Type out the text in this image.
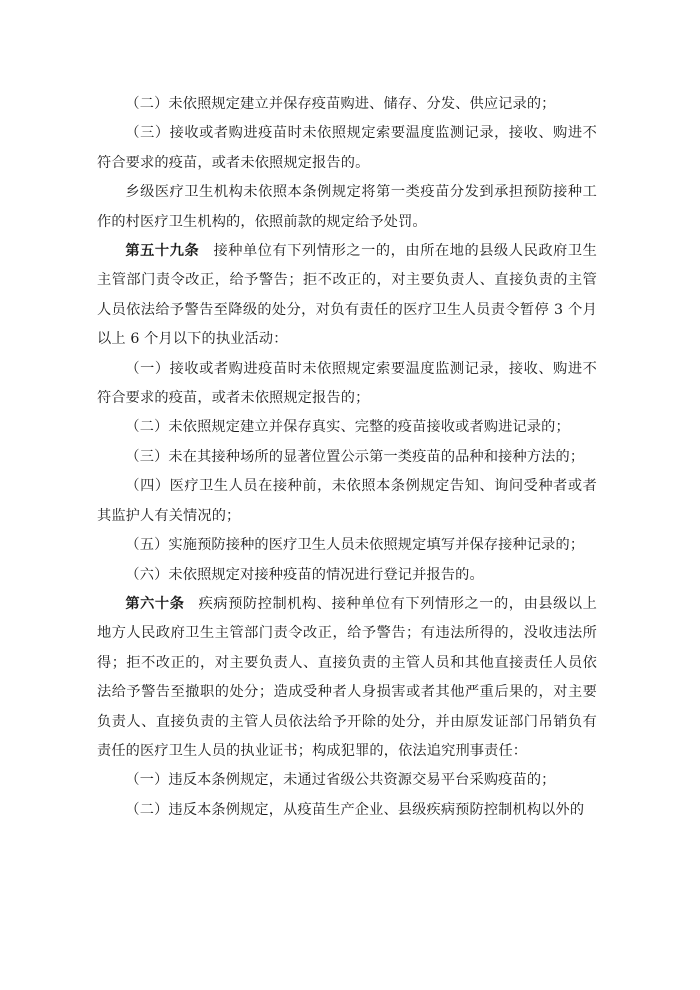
（二）未依照规定建立并保存疫苗购进、储存、分发、供应记录的；

（三）接收或者购进疫苗时未依照规定索要温度监测记录，接收、购进不符合要求的疫苗，或者未依照规定报告的。

乡级医疗卫生机构未依照本条例规定将第一类疫苗分发到承担预防接种工作的村医疗卫生机构的，依照前款的规定给予处罚。

第五十九条 接种单位有下列情形之一的，由所在地的县级人民政府卫生主管部门责令改正，给予警告；拒不改正的，对主要负责人、直接负责的主管人员依法给予警告至降级的处分，对负有责任的医疗卫生人员责令暂停 3 个月以上 6 个月以下的执业活动：

（一）接收或者购进疫苗时未依照规定索要温度监测记录，接收、购进不符合要求的疫苗，或者未依照规定报告的；

（二）未依照规定建立并保存真实、完整的疫苗接收或者购进记录的；

（三）未在其接种场所的显著位置公示第一类疫苗的品种和接种方法的；

（四）医疗卫生人员在接种前，未依照本条例规定告知、询问受种者或者其监护人有关情况的；

（五）实施预防接种的医疗卫生人员未依照规定填写并保存接种记录的；

（六）未依照规定对接种疫苗的情况进行登记并报告的。

第六十条 疾病预防控制机构、接种单位有下列情形之一的，由县级以上地方人民政府卫生主管部门责令改正，给予警告；有违法所得的，没收违法所得；拒不改正的，对主要负责人、直接负责的主管人员和其他直接责任人员依法给予警告至撤职的处分；造成受种者人身损害或者其他严重后果的，对主要负责人、直接负责的主管人员依法给予开除的处分，并由原发证部门吊销负有责任的医疗卫生人员的执业证书；构成犯罪的，依法追究刑事责任：

（一）违反本条例规定，未通过省级公共资源交易平台采购疫苗的；

（二）违反本条例规定，从疫苗生产企业、县级疾病预防控制机构以外的
